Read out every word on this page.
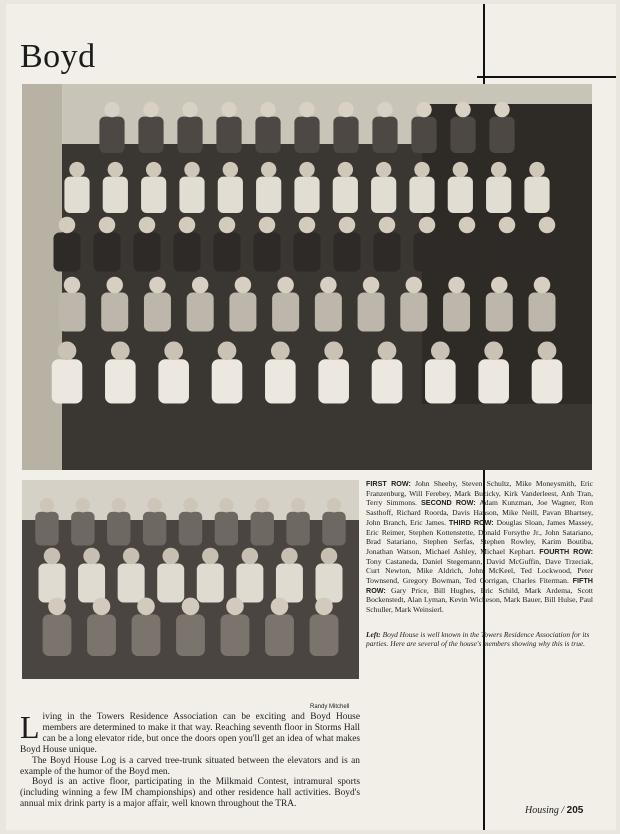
Boyd
Randy Mitchell
FIRST ROW: John Sheehy, Steven Schultz, Mike Moneysmith, Eric Franzenburg, Will Ferebey, Mark Buzicky, Kirk Vanderleest, Anh Tran, Terry Simmons. SECOND ROW: Adam Kunzman, Joe Wagner, Ron Sasthoff, Richard Roorda, Davis Hanson, Mike Neill, Pavan Bhartsey, John Branch, Eric James. THIRD ROW: Douglas Sloan, James Massey, Eric Reimer, Stephen Kottenstette, Donald Forsythe Jr., John Satariano, Brad Satariano, Stephen Serfas, Stephen Rowley, Karim Boutiba, Jonathan Watson, Michael Ashley, Michael Kephart. FOURTH ROW: Tony Castaneda, Daniel Stegemann, David McGuffin, Dave Trzeciak, Curt Newton, Mike Aldrich, John McKeel, Ted Lockwood, Peter Townsend, Gregory Bowman, Ted Corrigan, Charles Fiterman. FIFTH ROW: Gary Price, Bill Hughes, Eric Schild, Mark Ardema, Scott Bockenstedt, Alan Lyman, Kevin Wickeson, Mark Bauer, Bill Hulse, Paul Schuller, Mark Weinsierl.
Left: Boyd House is well known in the Towers Residence Association for its parties. Here are several of the house's members showing why this is true.

Living in the Towers Residence Association can be exciting and Boyd House members are determined to make it that way. Reaching seventh floor in Storms Hall can be a long elevator ride, but once the doors open you'll get an idea of what makes Boyd House unique.

The Boyd House Log is a carved tree-trunk situated between the elevators and is an example of the humor of the Boyd men.

Boyd is an active floor, participating in the Milkmaid Contest, intramural sports (including winning a few IM championships) and other residence hall activities. Boyd's annual mix drink party is a major affair, well known throughout the TRA.

Housing / 205
